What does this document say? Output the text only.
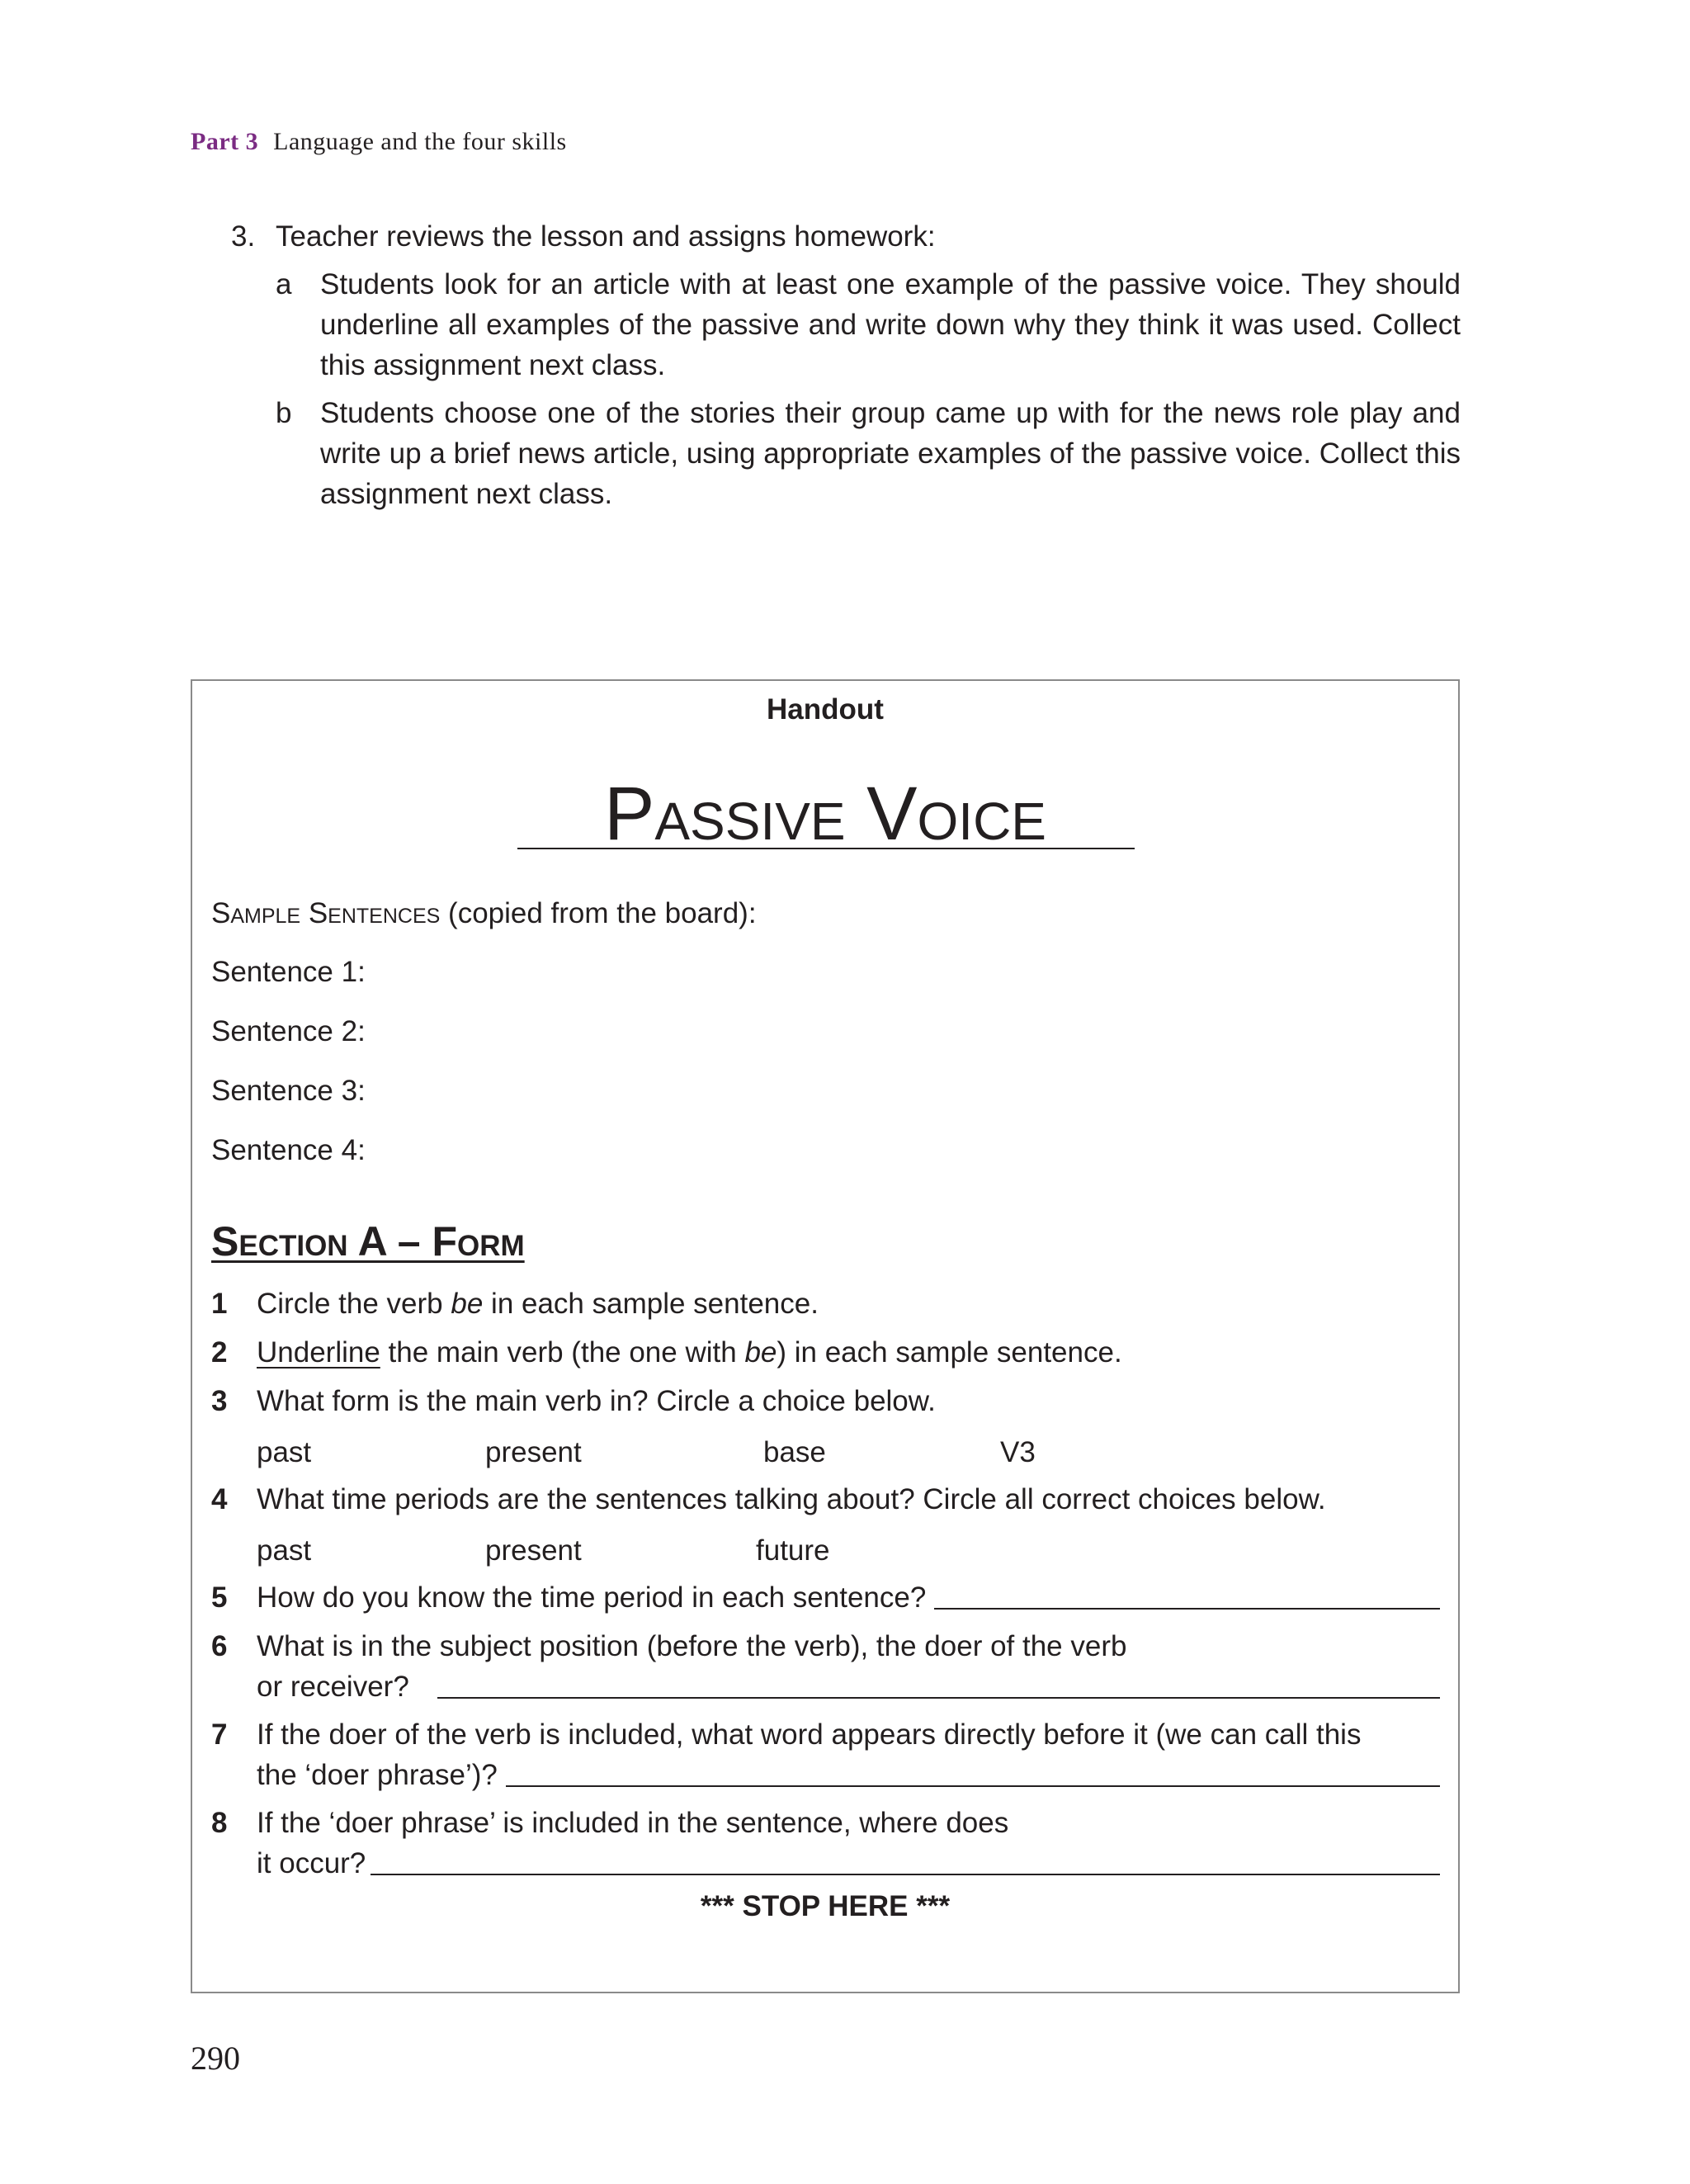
Part 3 Language and the four skills
3. Teacher reviews the lesson and assigns homework:
a Students look for an article with at least one example of the passive voice. They should underline all examples of the passive and write down why they think it was used. Collect this assignment next class.
b Students choose one of the stories their group came up with for the news role play and write up a brief news article, using appropriate examples of the passive voice. Collect this assignment next class.
Handout
Passive Voice
Sample Sentences (copied from the board):
Sentence 1:
Sentence 2:
Sentence 3:
Sentence 4:
Section A – Form
1 Circle the verb be in each sample sentence.
2 Underline the main verb (the one with be) in each sample sentence.
3 What form is the main verb in? Circle a choice below.
past	present	base	V3
4 What time periods are the sentences talking about? Circle all correct choices below.
past	present	future
5 How do you know the time period in each sentence?
6 What is in the subject position (before the verb), the doer of the verb
or receiver?
7 If the doer of the verb is included, what word appears directly before it (we can call this
the ‘doer phrase’)?
8 If the ‘doer phrase’ is included in the sentence, where does
it occur?
*** STOP HERE ***
290
